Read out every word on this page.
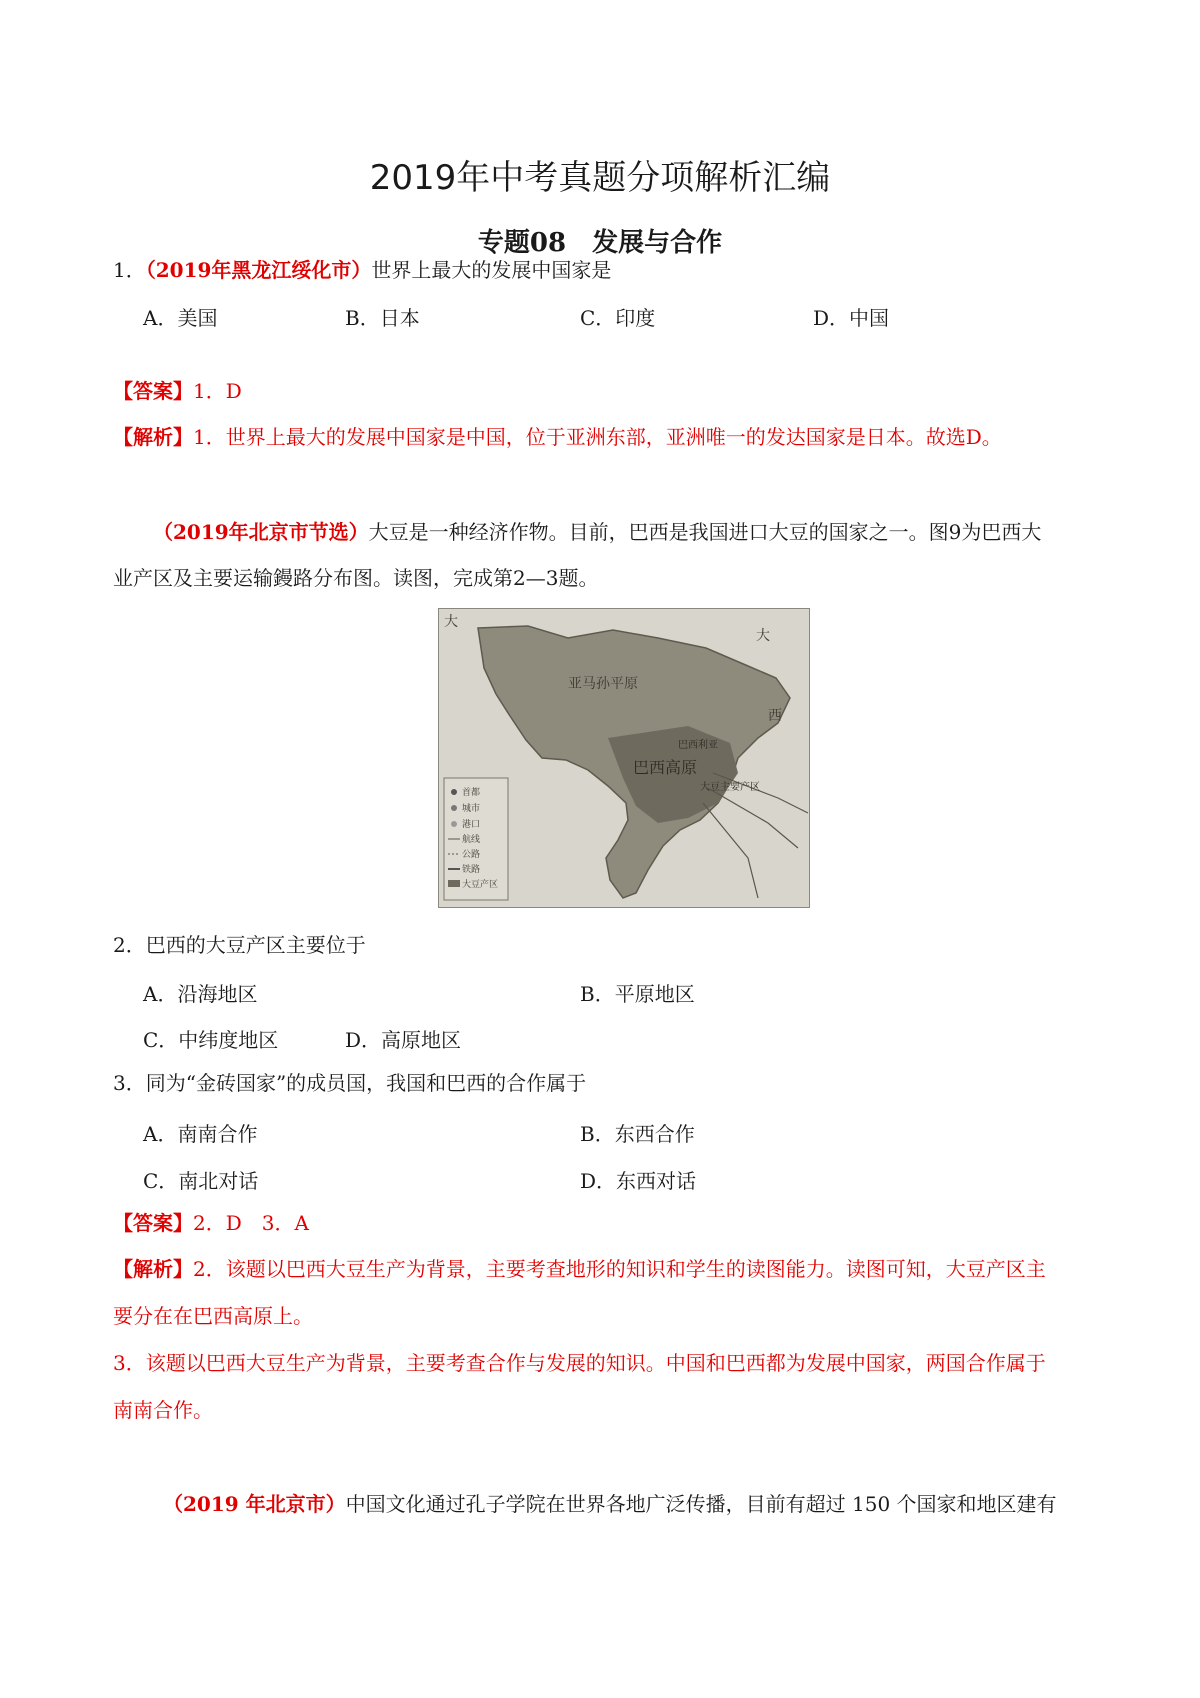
2019年中考真题分项解析汇编
专题08　发展与合作
1．（2019年黑龙江绥化市）世界上最大的发展中国家是
A．美国	B．日本	C．印度	D．中国
【答案】1．D
【解析】1．世界上最大的发展中国家是中国，位于亚洲东部，亚洲唯一的发达国家是日本。故选D。
（2019年北京市节选）大豆是一种经济作物。目前，巴西是我国进口大豆的国家之一。图9为巴西大
业产区及主要运输鏝路分布图。读图，完成第2—3题。
亚马孙平原
巴西高原
巴西利亚
大豆主要产区
大
大
西
首都
城市
港口
航线
公路
铁路
大豆产区
2．巴西的大豆产区主要位于
A．沿海地区	B．平原地区
C．中纬度地区	D．高原地区
3．同为“金砖国家”的成员国，我国和巴西的合作属于
A．南南合作	B．东西合作
C．南北对话	D．东西对话
【答案】2．D　3．A
【解析】2．该题以巴西大豆生产为背景，主要考查地形的知识和学生的读图能力。读图可知，大豆产区主
要分在在巴西高原上。
3．该题以巴西大豆生产为背景，主要考查合作与发展的知识。中国和巴西都为发展中国家，两国合作属于
南南合作。
（2019 年北京市）中国文化通过孔子学院在世界各地广泛传播，目前有超过 150 个国家和地区建有
